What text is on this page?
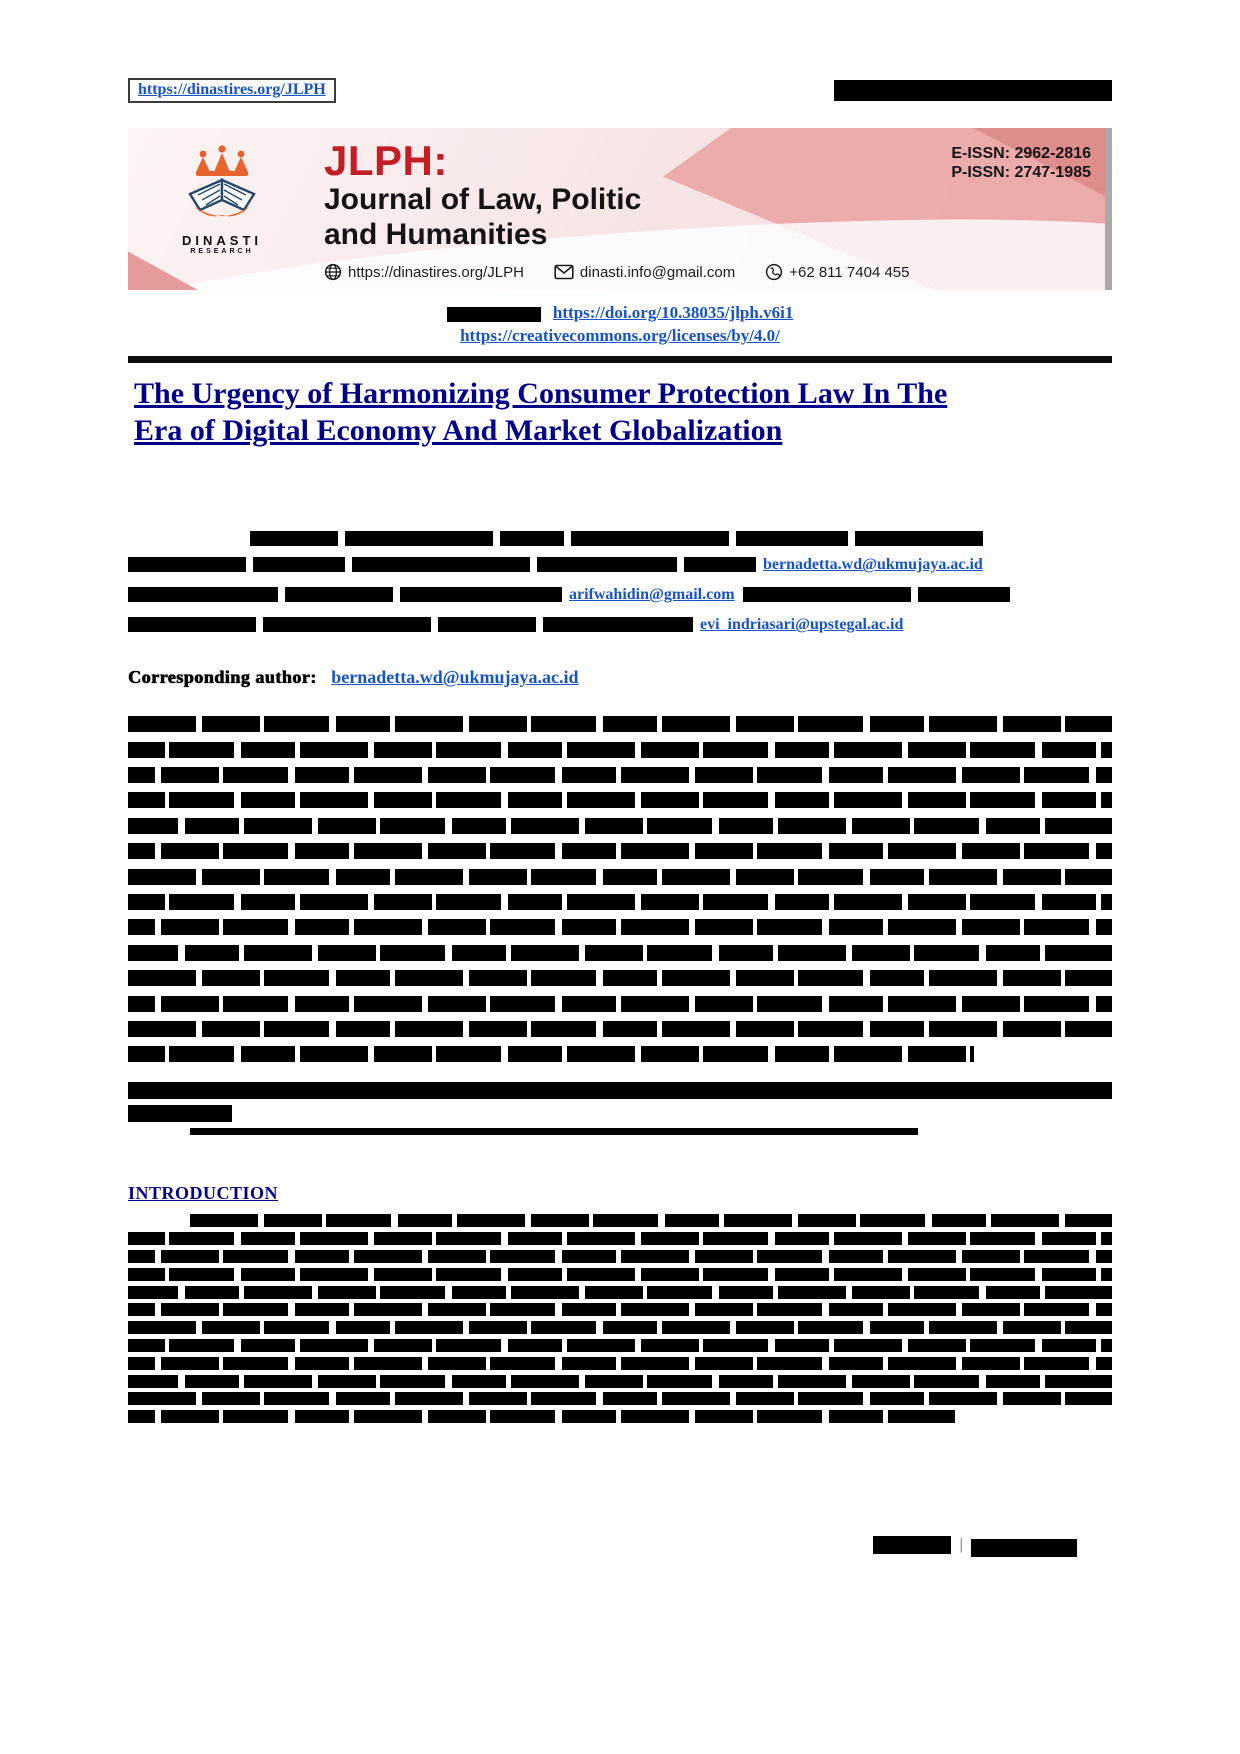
https://dinastires.org/JLPH
DINASTI
RESEARCH
JLPH:
Journal of Law, Politic
and Humanities
https://dinastires.org/JLPH	dinasti.info@gmail.com	+62 811 7404 455
E-ISSN: 2962-2816
P-ISSN: 2747-1985
https://doi.org/10.38035/jlph.v6i1
https://creativecommons.org/licenses/by/4.0/
The Urgency of Harmonizing Consumer Protection Law In The
Era of Digital Economy And Market Globalization
bernadetta.wd@ukmujaya.ac.id
arifwahidin@gmail.com
evi_indriasari@upstegal.ac.id
Corresponding author: bernadetta.wd@ukmujaya.ac.id
INTRODUCTION
|
